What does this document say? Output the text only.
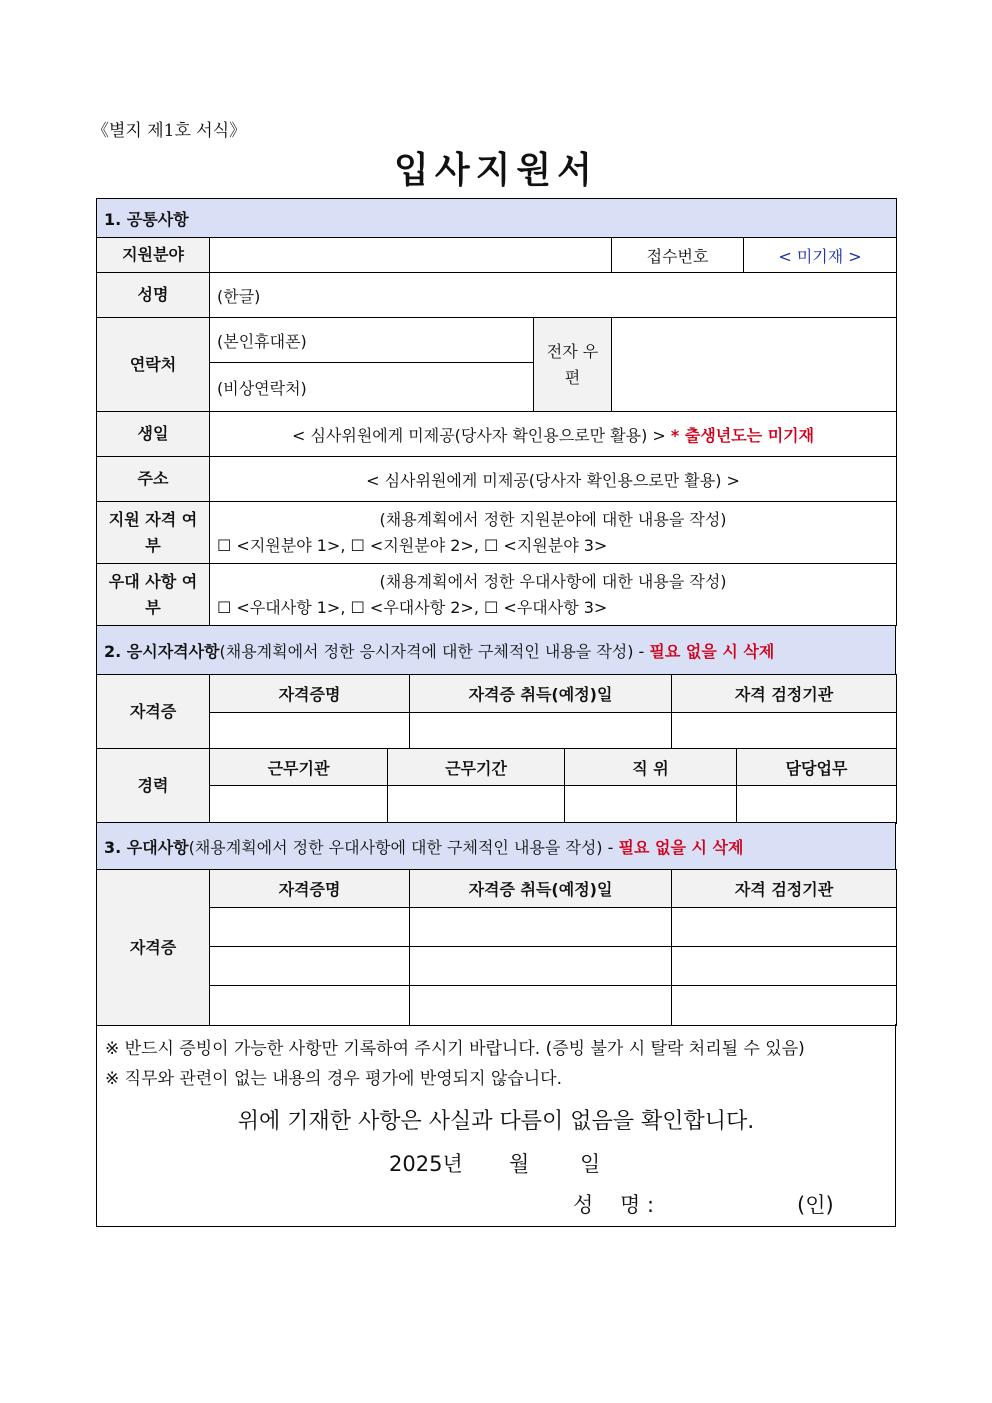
《별지 제1호 서식》
입사지원서
1. 공통사항				
지원분야			접수번호	< 미기재 >
성명	(한글)			
연락처	(본인휴대폰)	전자 우편		
	(비상연락처)			
생일	< 심사위원에게 미제공(당사자 확인용으로만 활용) > * 출생년도는 미기재			
주소	< 심사위원에게 미제공(당사자 확인용으로만 활용) >			
지원 자격 여부	(채용계획에서 정한 지원분야에 대한 내용을 작성)
☐ <지원분야 1>, ☐ <지원분야 2>, ☐ <지원분야 3>			

우대 사항 여부	(채용계획에서 정한 우대사항에 대한 내용을 작성)
☐ <우대사항 1>, ☐ <우대사항 2>, ☐ <우대사항 3>			
2. 응시자격사항(채용계획에서 정한 응시자격에 대한 구체적인 내용을 작성) - 필요 없을 시 삭제
자격증	자격증명	자격증 취득(예정)일	자격 검정기관

경력	근무기관	근무기간	직 위	담당업무

3. 우대사항(채용계획에서 정한 우대사항에 대한 구체적인 내용을 작성) - 필요 없을 시 삭제
자격증	자격증명	자격증 취득(예정)일	자격 검정기관

※ 반드시 증빙이 가능한 사항만 기록하여 주시기 바랍니다. (증빙 불가 시 탈락 처리될 수 있음)
※ 직무와 관련이 없는 내용의 경우 평가에 반영되지 않습니다.
위에 기재한 사항은 사실과 다름이 없음을 확인합니다.
2025년 월 일
성    명 :	(인)
